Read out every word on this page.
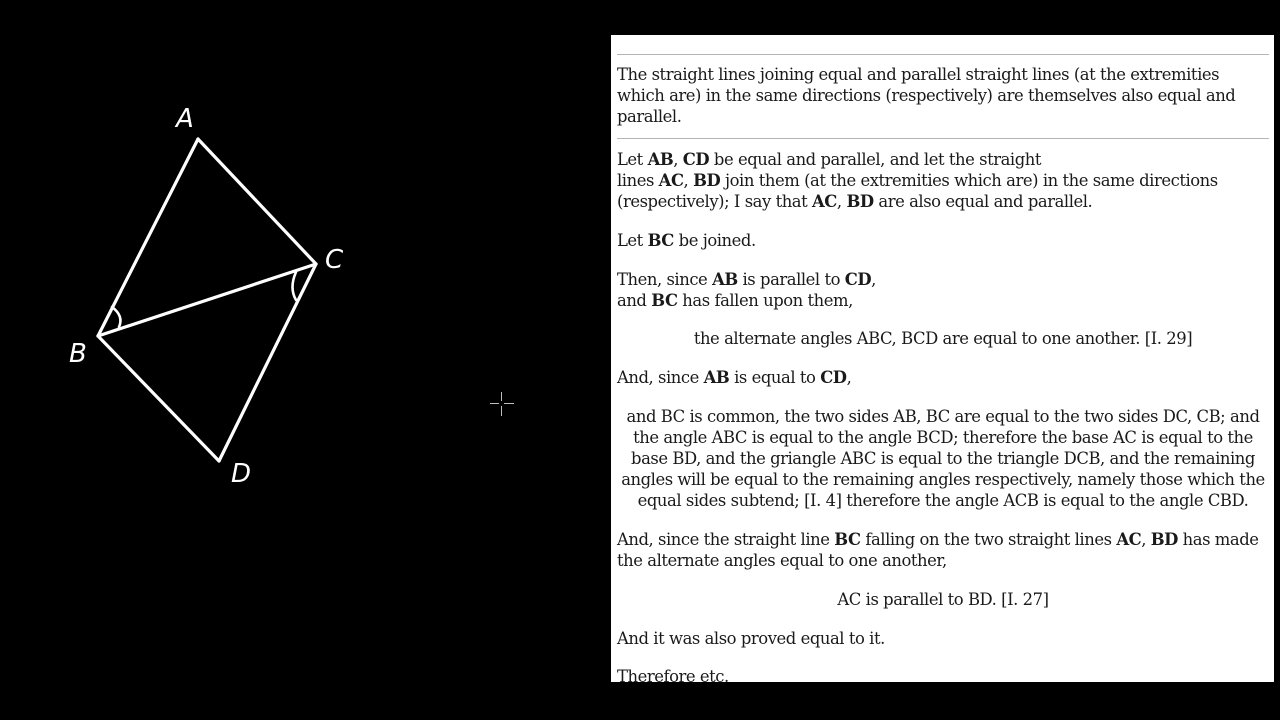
A
B
C
D

The straight lines joining equal and parallel straight lines (at the extremities which are) in the same directions (respectively) are themselves also equal and parallel.

Let AB, CD be equal and parallel, and let the straight
lines AC, BD join them (at the extremities which are) in the same directions (respectively); I say that AC, BD are also equal and parallel.

Let BC be joined.

Then, since AB is parallel to CD,
and BC has fallen upon them,

the alternate angles ABC, BCD are equal to one another. [I. 29]

And, since AB is equal to CD,

and BC is common, the two sides AB, BC are equal to the two sides DC, CB; and the angle ABC is equal to the angle BCD; therefore the base AC is equal to the base BD, and the griangle ABC is equal to the triangle DCB, and the remaining angles will be equal to the remaining angles respectively, namely those which the equal sides subtend; [I. 4] therefore the angle ACB is equal to the angle CBD.

And, since the straight line BC falling on the two straight lines AC, BD has made the alternate angles equal to one another,

AC is parallel to BD. [I. 27]

And it was also proved equal to it.

Therefore etc.
